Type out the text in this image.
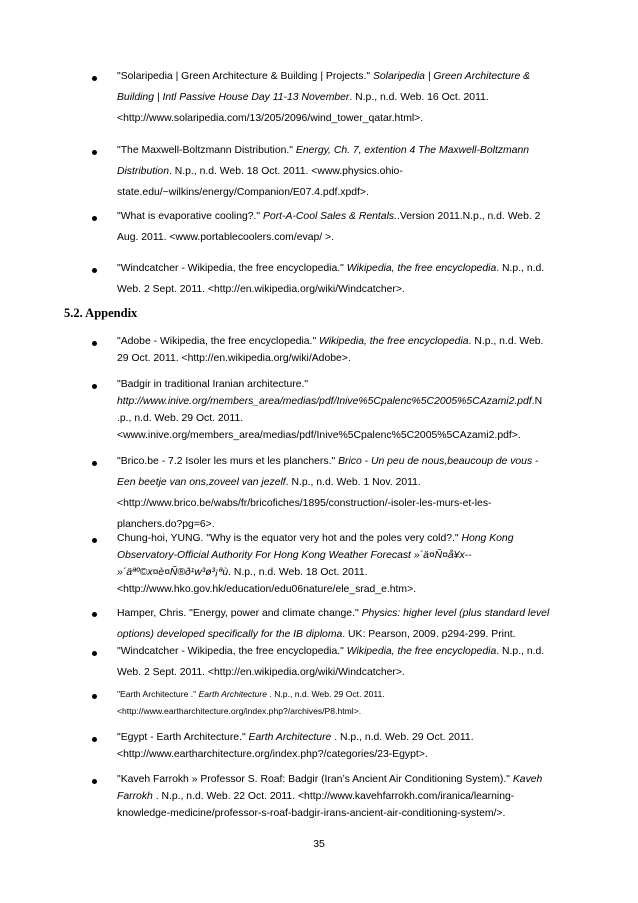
"Solaripedia | Green Architecture & Building | Projects." Solaripedia | Green Architecture &
Building | Intl Passive House Day 11-13 November. N.p., n.d. Web. 16 Oct. 2011.
<http://www.solaripedia.com/13/205/2096/wind_tower_qatar.html>.
"The Maxwell-Boltzmann Distribution." Energy, Ch. 7, extention 4 The Maxwell-Boltzmann
Distribution. N.p., n.d. Web. 18 Oct. 2011. <www.physics.ohio-
state.edu/~wilkins/energy/Companion/E07.4.pdf.xpdf>.
"What is evaporative cooling?." Port-A-Cool Sales & Rentals..Version 2011.N.p., n.d. Web. 2
Aug. 2011. <www.portablecoolers.com/evap/ >.
"Windcatcher - Wikipedia, the free encyclopedia." Wikipedia, the free encyclopedia. N.p., n.d.
Web. 2 Sept. 2011. <http://en.wikipedia.org/wiki/Windcatcher>.
5.2. Appendix
"Adobe - Wikipedia, the free encyclopedia." Wikipedia, the free encyclopedia. N.p., n.d. Web.
29 Oct. 2011. <http://en.wikipedia.org/wiki/Adobe>.
"Badgir in traditional Iranian architecture."
http://www.inive.org/members_area/medias/pdf/Inive%5Cpalenc%5C2005%5CAzami2.pdf.N
.p., n.d. Web. 29 Oct. 2011.
<www.inive.org/members_area/medias/pdf/Inive%5Cpalenc%5C2005%5CAzami2.pdf>.
"Brico.be - 7.2 Isoler les murs et les planchers." Brico - Un peu de nous,beaucoup de vous -
Een beetje van ons,zoveel van jezelf. N.p., n.d. Web. 1 Nov. 2011.
<http://www.brico.be/wabs/fr/bricofiches/1895/construction/-isoler-les-murs-et-les-
planchers.do?pg=6>.
Chung-hoi, YUNG. "Why is the equator very hot and the poles very cold?." Hong Kong
Observatory-Official Authority For Hong Kong Weather Forecast »´ä¤Ñ¤å¥x--
»´äªº©x¤è¤Ñ®ð¹w³ø³¡ªù. N.p., n.d. Web. 18 Oct. 2011.
<http://www.hko.gov.hk/education/edu06nature/ele_srad_e.htm>.
Hamper, Chris. "Energy, power and climate change." Physics: higher level (plus standard level
options) developed specifically for the IB diploma. UK: Pearson, 2009. p294-299. Print.
"Windcatcher - Wikipedia, the free encyclopedia." Wikipedia, the free encyclopedia. N.p., n.d.
Web. 2 Sept. 2011. <http://en.wikipedia.org/wiki/Windcatcher>.
"Earth Architecture ." Earth Architecture . N.p., n.d. Web. 29 Oct. 2011.
<http://www.eartharchitecture.org/index.php?/archives/P8.html>.
"Egypt - Earth Architecture." Earth Architecture . N.p., n.d. Web. 29 Oct. 2011.
<http://www.eartharchitecture.org/index.php?/categories/23-Egypt>.
"Kaveh Farrokh » Professor S. Roaf: Badgir (Iran’s Ancient Air Conditioning System)." Kaveh
Farrokh . N.p., n.d. Web. 22 Oct. 2011. <http://www.kavehfarrokh.com/iranica/learning-
knowledge-medicine/professor-s-roaf-badgir-irans-ancient-air-conditioning-system/>.
35
